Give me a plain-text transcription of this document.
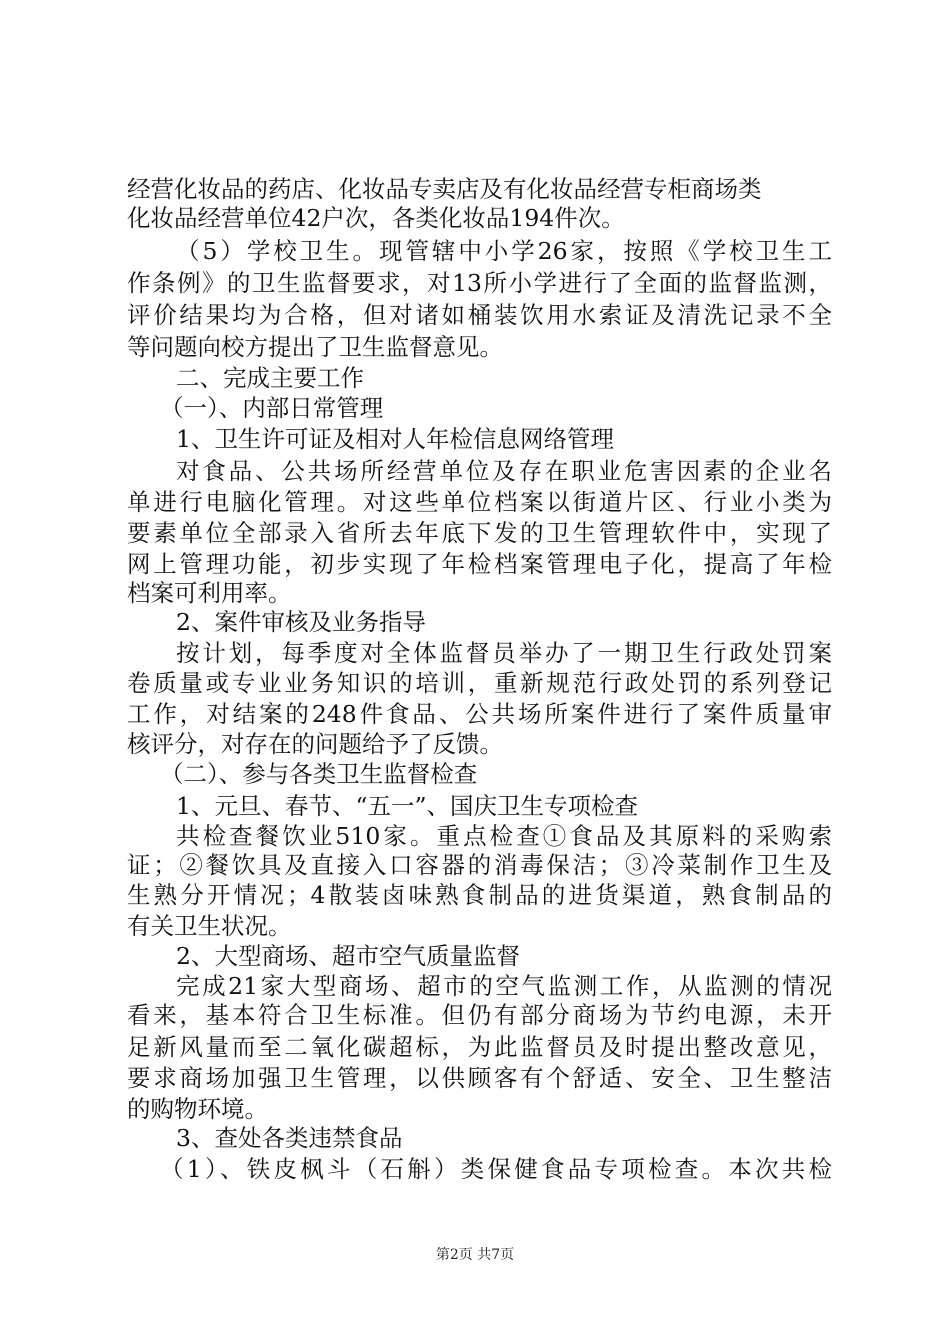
经营化妆品的药店、化妆品专卖店及有化妆品经营专柜商场类
化妆品经营单位42户次，各类化妆品194件次。
（5）学校卫生。现管辖中小学26家，按照《学校卫生工
作条例》的卫生监督要求，对13所小学进行了全面的监督监测，
评价结果均为合格，但对诸如桶装饮用水索证及清洗记录不全
等问题向校方提出了卫生监督意见。
二、完成主要工作
（一）、内部日常管理
1、卫生许可证及相对人年检信息网络管理
对食品、公共场所经营单位及存在职业危害因素的企业名
单进行电脑化管理。对这些单位档案以街道片区、行业小类为
要素单位全部录入省所去年底下发的卫生管理软件中，实现了
网上管理功能，初步实现了年检档案管理电子化，提高了年检
档案可利用率。
2、案件审核及业务指导
按计划，每季度对全体监督员举办了一期卫生行政处罚案
卷质量或专业业务知识的培训，重新规范行政处罚的系列登记
工作，对结案的248件食品、公共场所案件进行了案件质量审
核评分，对存在的问题给予了反馈。
（二）、参与各类卫生监督检查
1、元旦、春节、“五一”、国庆卫生专项检查
共检查餐饮业510家。重点检查①食品及其原料的采购索
证；②餐饮具及直接入口容器的消毒保洁；③冷菜制作卫生及
生熟分开情况；4散装卤味熟食制品的进货渠道，熟食制品的
有关卫生状况。
2、大型商场、超市空气质量监督
完成21家大型商场、超市的空气监测工作，从监测的情况
看来，基本符合卫生标准。但仍有部分商场为节约电源，未开
足新风量而至二氧化碳超标，为此监督员及时提出整改意见，
要求商场加强卫生管理，以供顾客有个舒适、安全、卫生整洁
的购物环境。
3、查处各类违禁食品
（1）、铁皮枫斗（石斛）类保健食品专项检查。本次共检
第2页 共7页
